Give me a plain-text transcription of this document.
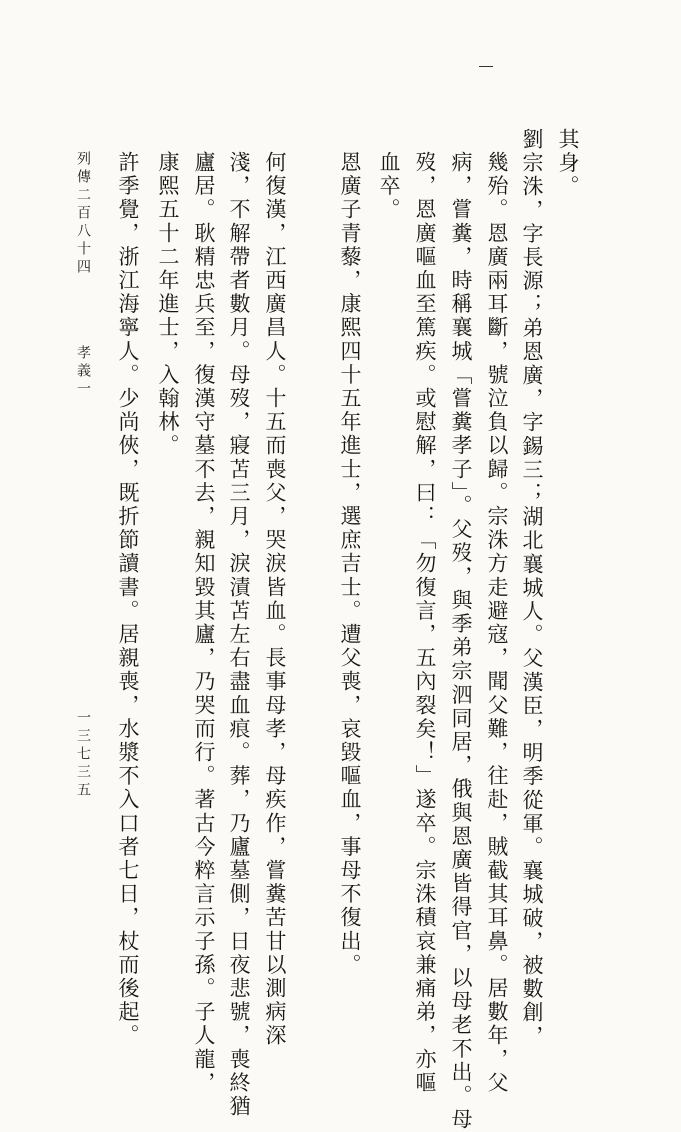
其身。

劉宗洙，字長源；弟恩廣，字錫三；湖北襄城人。父漢臣，明季從軍。襄城破，被數創，

幾殆。恩廣兩耳斷，號泣負以歸。宗洙方走避寇，聞父難，往赴，賊截其耳鼻。居數年，父

病，嘗糞，時稱襄城「嘗糞孝子」。父歿，與季弟宗泗同居，俄與恩廣皆得官，以母老不出。母

歿，恩廣嘔血至篤疾。或慰解，曰：「勿復言，五內裂矣！」遂卒。宗洙積哀兼痛弟，亦嘔

血卒。

恩廣子青藜，康熙四十五年進士，選庶吉士。遭父喪，哀毀嘔血，事母不復出。

何復漢，江西廣昌人。十五而喪父，哭淚皆血。長事母孝，母疾作，嘗糞苦甘以測病深

淺，不解帶者數月。母歿，寢苫三月，淚漬苫左右盡血痕。葬，乃廬墓側，日夜悲號，喪終猶

廬居。耿精忠兵至，復漢守墓不去，親知毀其廬，乃哭而行。著古今粹言示子孫。子人龍，

康熙五十二年進士，入翰林。

許季覺，浙江海寧人。少尚俠，既折節讀書。居親喪，水漿不入口者七日，杖而後起。

列傳二百八十四
孝義一
一三七三五
